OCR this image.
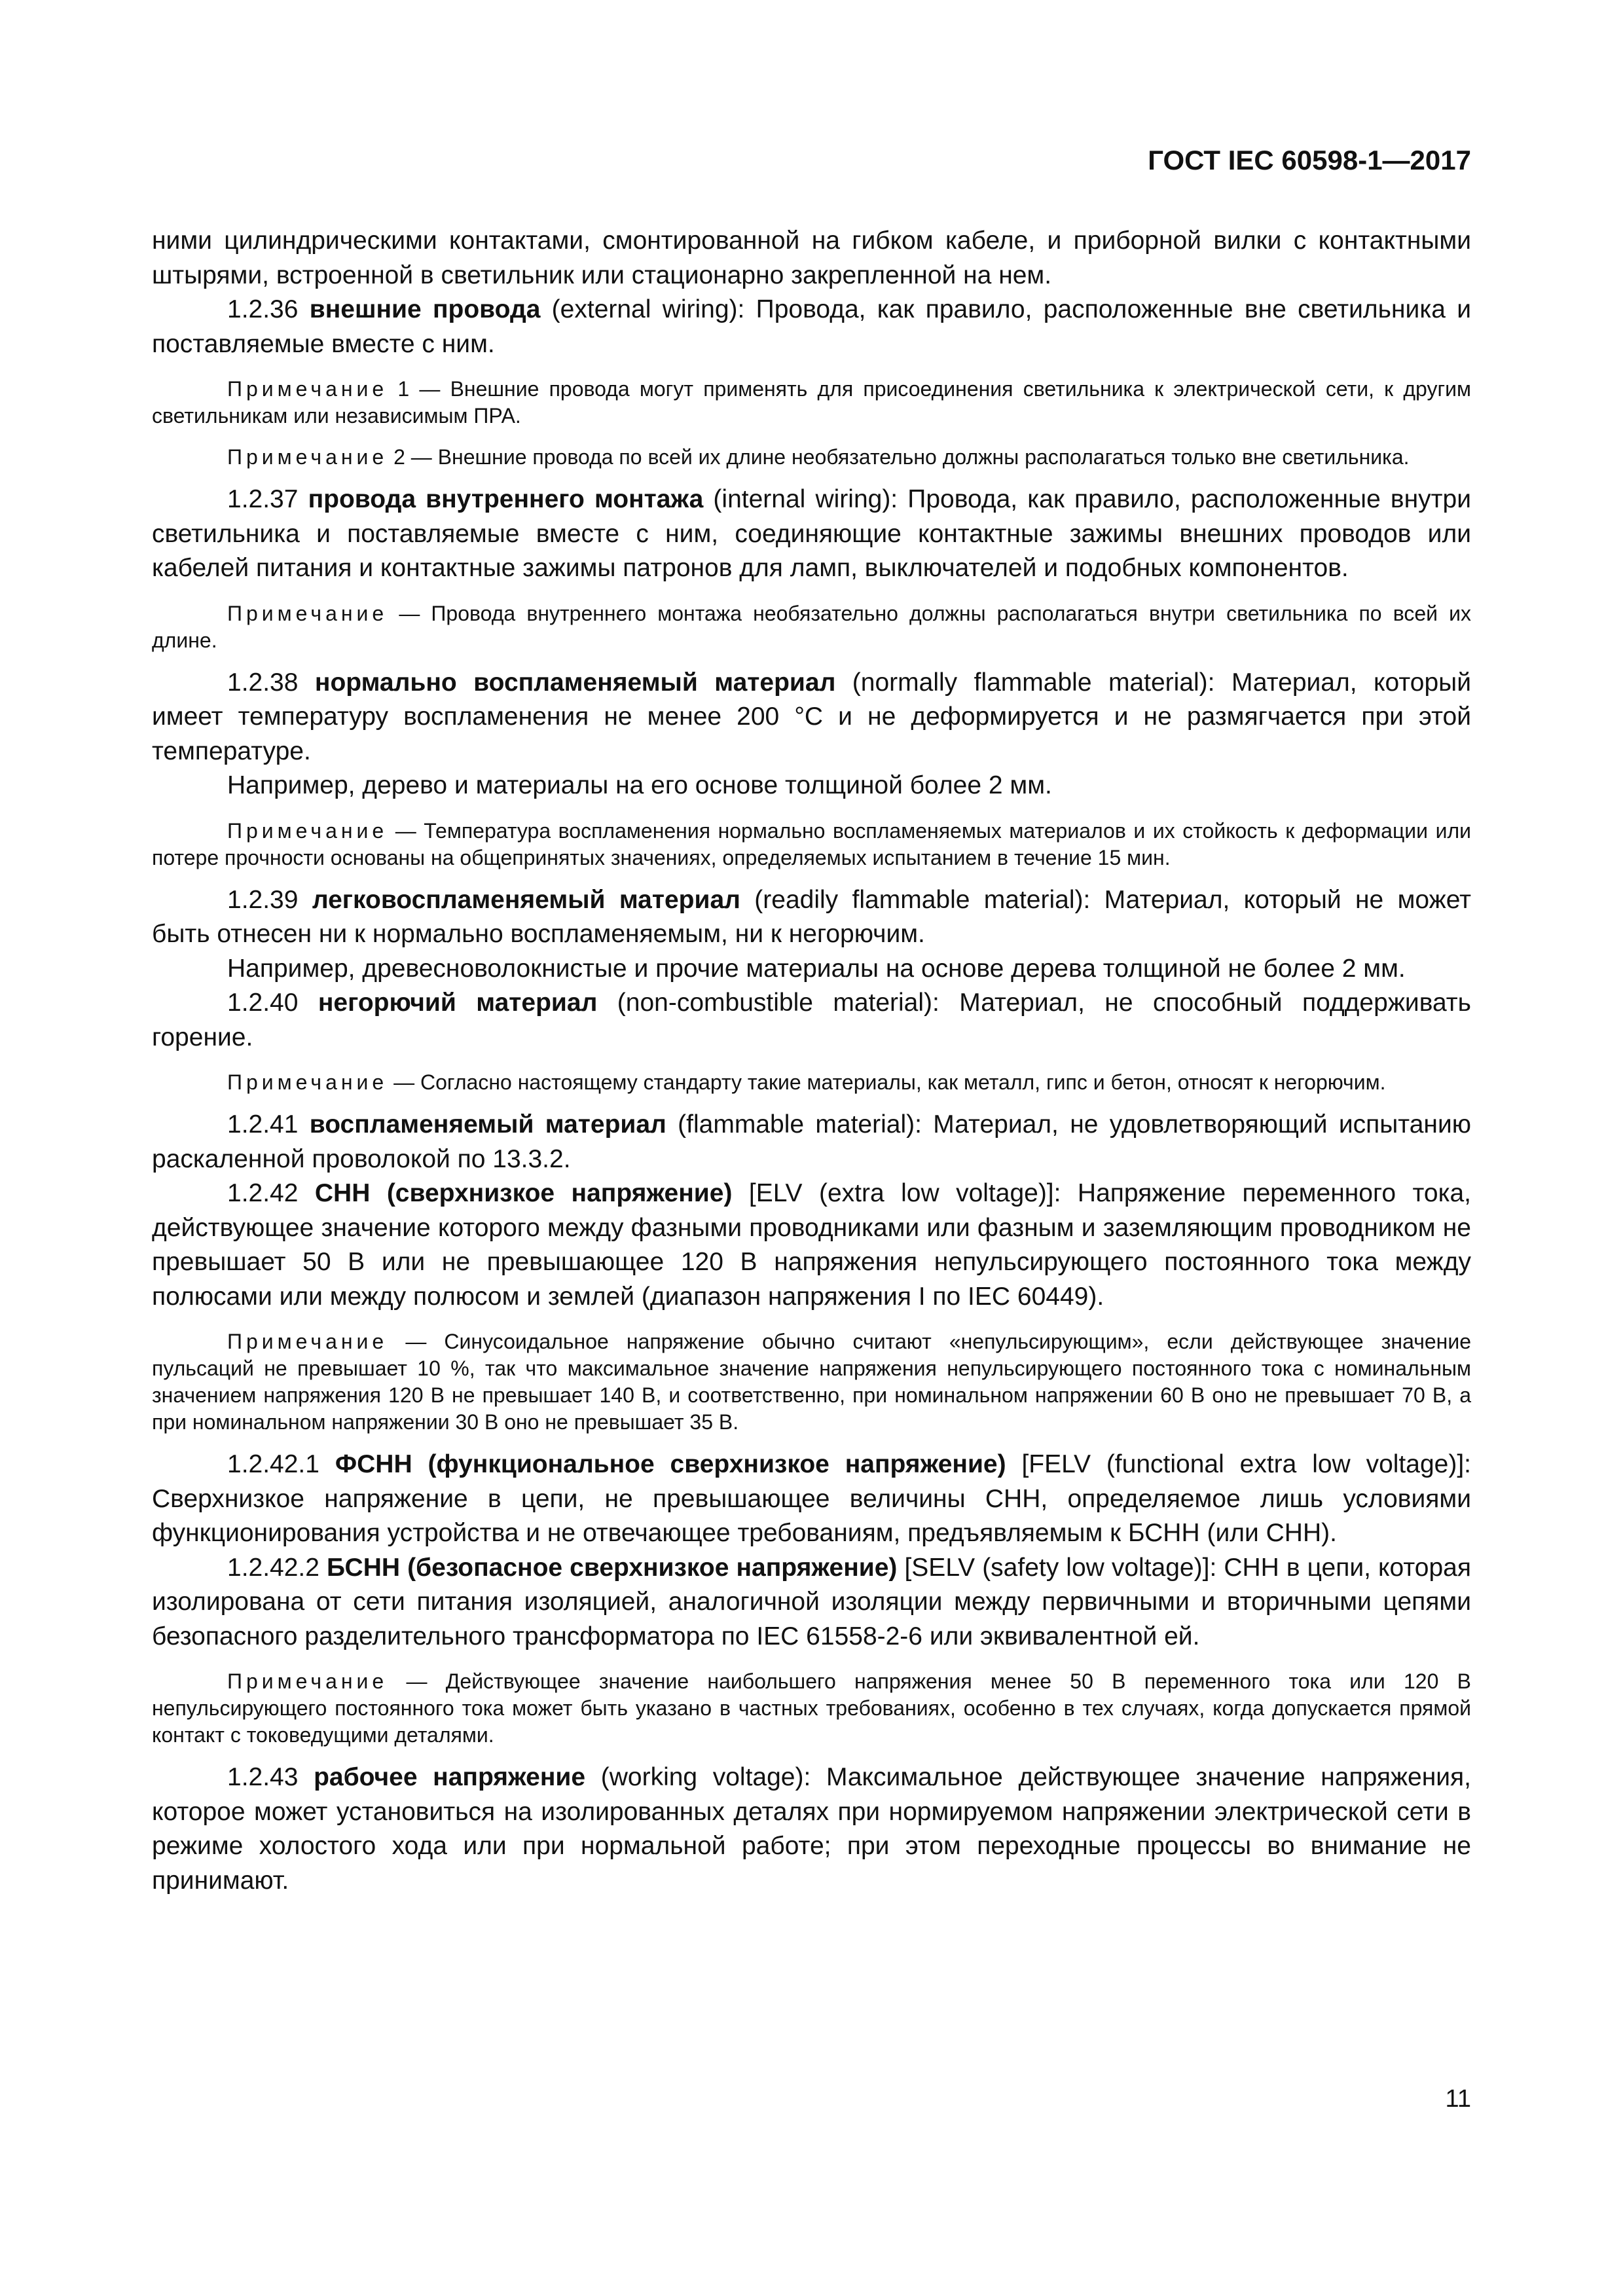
ГОСТ IEC 60598-1—2017

ними цилиндрическими контактами, смонтированной на гибком кабеле, и приборной вилки с контактными штырями, встроенной в светильник или стационарно закрепленной на нем.

1.2.36 внешние провода (external wiring): Провода, как правило, расположенные вне светильника и поставляемые вместе с ним.

Примечание 1 — Внешние провода могут применять для присоединения светильника к электрической сети, к другим светильникам или независимым ПРА.

Примечание 2 — Внешние провода по всей их длине необязательно должны располагаться только вне светильника.

1.2.37 провода внутреннего монтажа (internal wiring): Провода, как правило, расположенные внутри светильника и поставляемые вместе с ним, соединяющие контактные зажимы внешних проводов или кабелей питания и контактные зажимы патронов для ламп, выключателей и подобных компонентов.

Примечание — Провода внутреннего монтажа необязательно должны располагаться внутри светильника по всей их длине.

1.2.38 нормально воспламеняемый материал (normally flammable material): Материал, который имеет температуру воспламенения не менее 200 °С и не деформируется и не размягчается при этой температуре.

Например, дерево и материалы на его основе толщиной более 2 мм.

Примечание — Температура воспламенения нормально воспламеняемых материалов и их стойкость к деформации или потере прочности основаны на общепринятых значениях, определяемых испытанием в течение 15 мин.

1.2.39 легковоспламеняемый материал (readily flammable material): Материал, который не может быть отнесен ни к нормально воспламеняемым, ни к негорючим.

Например, древесноволокнистые и прочие материалы на основе дерева толщиной не более 2 мм.

1.2.40 негорючий материал (non-combustible material): Материал, не способный поддерживать горение.

Примечание — Согласно настоящему стандарту такие материалы, как металл, гипс и бетон, относят к негорючим.

1.2.41 воспламеняемый материал (flammable material): Материал, не удовлетворяющий испытанию раскаленной проволокой по 13.3.2.

1.2.42 СНН (сверхнизкое напряжение) [ELV (extra low voltage)]: Напряжение переменного тока, действующее значение которого между фазными проводниками или фазным и заземляющим проводником не превышает 50 В или не превышающее 120 В напряжения непульсирующего постоянного тока между полюсами или между полюсом и землей (диапазон напряжения I по IEC 60449).

Примечание — Синусоидальное напряжение обычно считают «непульсирующим», если действующее значение пульсаций не превышает 10 %, так что максимальное значение напряжения непульсирующего постоянного тока с номинальным значением напряжения 120 В не превышает 140 В, и соответственно, при номинальном напряжении 60 В оно не превышает 70 В, а при номинальном напряжении 30 В оно не превышает 35 В.

1.2.42.1 ФСНН (функциональное сверхнизкое напряжение) [FELV (functional extra low voltage)]: Сверхнизкое напряжение в цепи, не превышающее величины СНН, определяемое лишь условиями функционирования устройства и не отвечающее требованиям, предъявляемым к БСНН (или СНН).

1.2.42.2 БСНН (безопасное сверхнизкое напряжение) [SELV (safety low voltage)]: СНН в цепи, которая изолирована от сети питания изоляцией, аналогичной изоляции между первичными и вторичными цепями безопасного разделительного трансформатора по IEC 61558-2-6 или эквивалентной ей.

Примечание — Действующее значение наибольшего напряжения менее 50 В переменного тока или 120 В непульсирующего постоянного тока может быть указано в частных требованиях, особенно в тех случаях, когда допускается прямой контакт с токоведущими деталями.

1.2.43 рабочее напряжение (working voltage): Максимальное действующее значение напряжения, которое может установиться на изолированных деталях при нормируемом напряжении электрической сети в режиме холостого хода или при нормальной работе; при этом переходные процессы во внимание не принимают.

11
